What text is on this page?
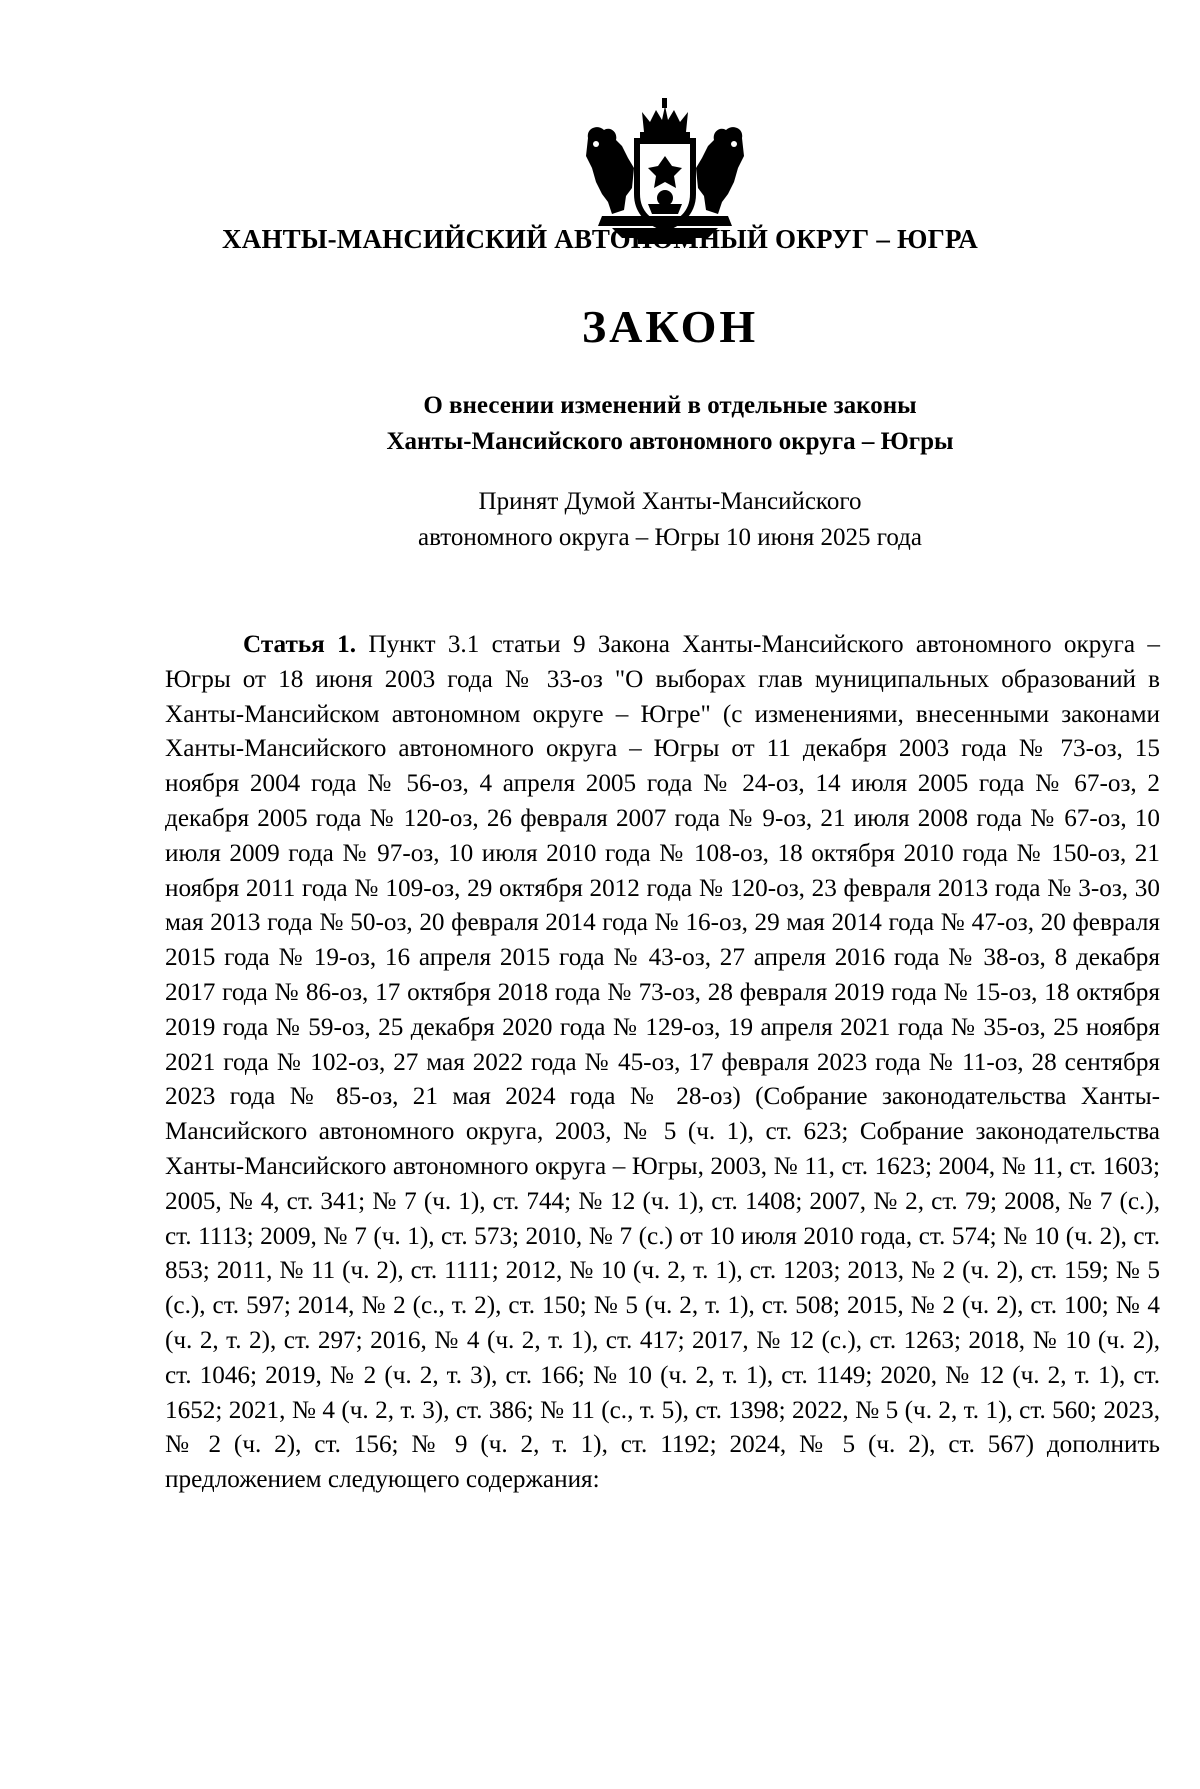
ХАНТЫ-МАНСИЙСКИЙ АВТОНОМНЫЙ ОКРУГ – ЮГРА
ЗАКОН

О внесении изменений в отдельные законы
Ханты-Мансийского автономного округа – Югры

Принят Думой Ханты-Мансийского
автономного округа – Югры 10 июня 2025 года

Статья 1. Пункт 3.1 статьи 9 Закона Ханты-Мансийского автономного округа – Югры от 18 июня 2003 года № 33-оз "О выборах глав муниципальных образований в Ханты-Мансийском автономном округе – Югре" (с изменениями, внесенными законами Ханты-Мансийского автономного округа – Югры от 11 декабря 2003 года № 73-оз, 15 ноября 2004 года № 56-оз, 4 апреля 2005 года № 24-оз, 14 июля 2005 года № 67-оз, 2 декабря 2005 года № 120-оз, 26 февраля 2007 года № 9-оз, 21 июля 2008 года № 67-оз, 10 июля 2009 года № 97-оз, 10 июля 2010 года № 108-оз, 18 октября 2010 года № 150-оз, 21 ноября 2011 года № 109-оз, 29 октября 2012 года № 120-оз, 23 февраля 2013 года № 3-оз, 30 мая 2013 года № 50-оз, 20 февраля 2014 года № 16-оз, 29 мая 2014 года № 47-оз, 20 февраля 2015 года № 19-оз, 16 апреля 2015 года № 43-оз, 27 апреля 2016 года № 38-оз, 8 декабря 2017 года № 86-оз, 17 октября 2018 года № 73-оз, 28 февраля 2019 года № 15-оз, 18 октября 2019 года № 59-оз, 25 декабря 2020 года № 129-оз, 19 апреля 2021 года № 35-оз, 25 ноября 2021 года № 102-оз, 27 мая 2022 года № 45-оз, 17 февраля 2023 года № 11-оз, 28 сентября 2023 года № 85-оз, 21 мая 2024 года № 28-оз) (Собрание законодательства Ханты-Мансийского автономного округа, 2003, № 5 (ч. 1), ст. 623; Собрание законодательства Ханты-Мансийского автономного округа – Югры, 2003, № 11, ст. 1623; 2004, № 11, ст. 1603; 2005, № 4, ст. 341; № 7 (ч. 1), ст. 744; № 12 (ч. 1), ст. 1408; 2007, № 2, ст. 79; 2008, № 7 (с.), ст. 1113; 2009, № 7 (ч. 1), ст. 573; 2010, № 7 (с.) от 10 июля 2010 года, ст. 574; № 10 (ч. 2), ст. 853; 2011, № 11 (ч. 2), ст. 1111; 2012, № 10 (ч. 2, т. 1), ст. 1203; 2013, № 2 (ч. 2), ст. 159; № 5 (с.), ст. 597; 2014, № 2 (с., т. 2), ст. 150; № 5 (ч. 2, т. 1), ст. 508; 2015, № 2 (ч. 2), ст. 100; № 4 (ч. 2, т. 2), ст. 297; 2016, № 4 (ч. 2, т. 1), ст. 417; 2017, № 12 (с.), ст. 1263; 2018, № 10 (ч. 2), ст. 1046; 2019, № 2 (ч. 2, т. 3), ст. 166; № 10 (ч. 2, т. 1), ст. 1149; 2020, № 12 (ч. 2, т. 1), ст. 1652; 2021, № 4 (ч. 2, т. 3), ст. 386; № 11 (с., т. 5), ст. 1398; 2022, № 5 (ч. 2, т. 1), ст. 560; 2023, № 2 (ч. 2), ст. 156; № 9 (ч. 2, т. 1), ст. 1192; 2024, № 5 (ч. 2), ст. 567) дополнить предложением следующего содержания:
